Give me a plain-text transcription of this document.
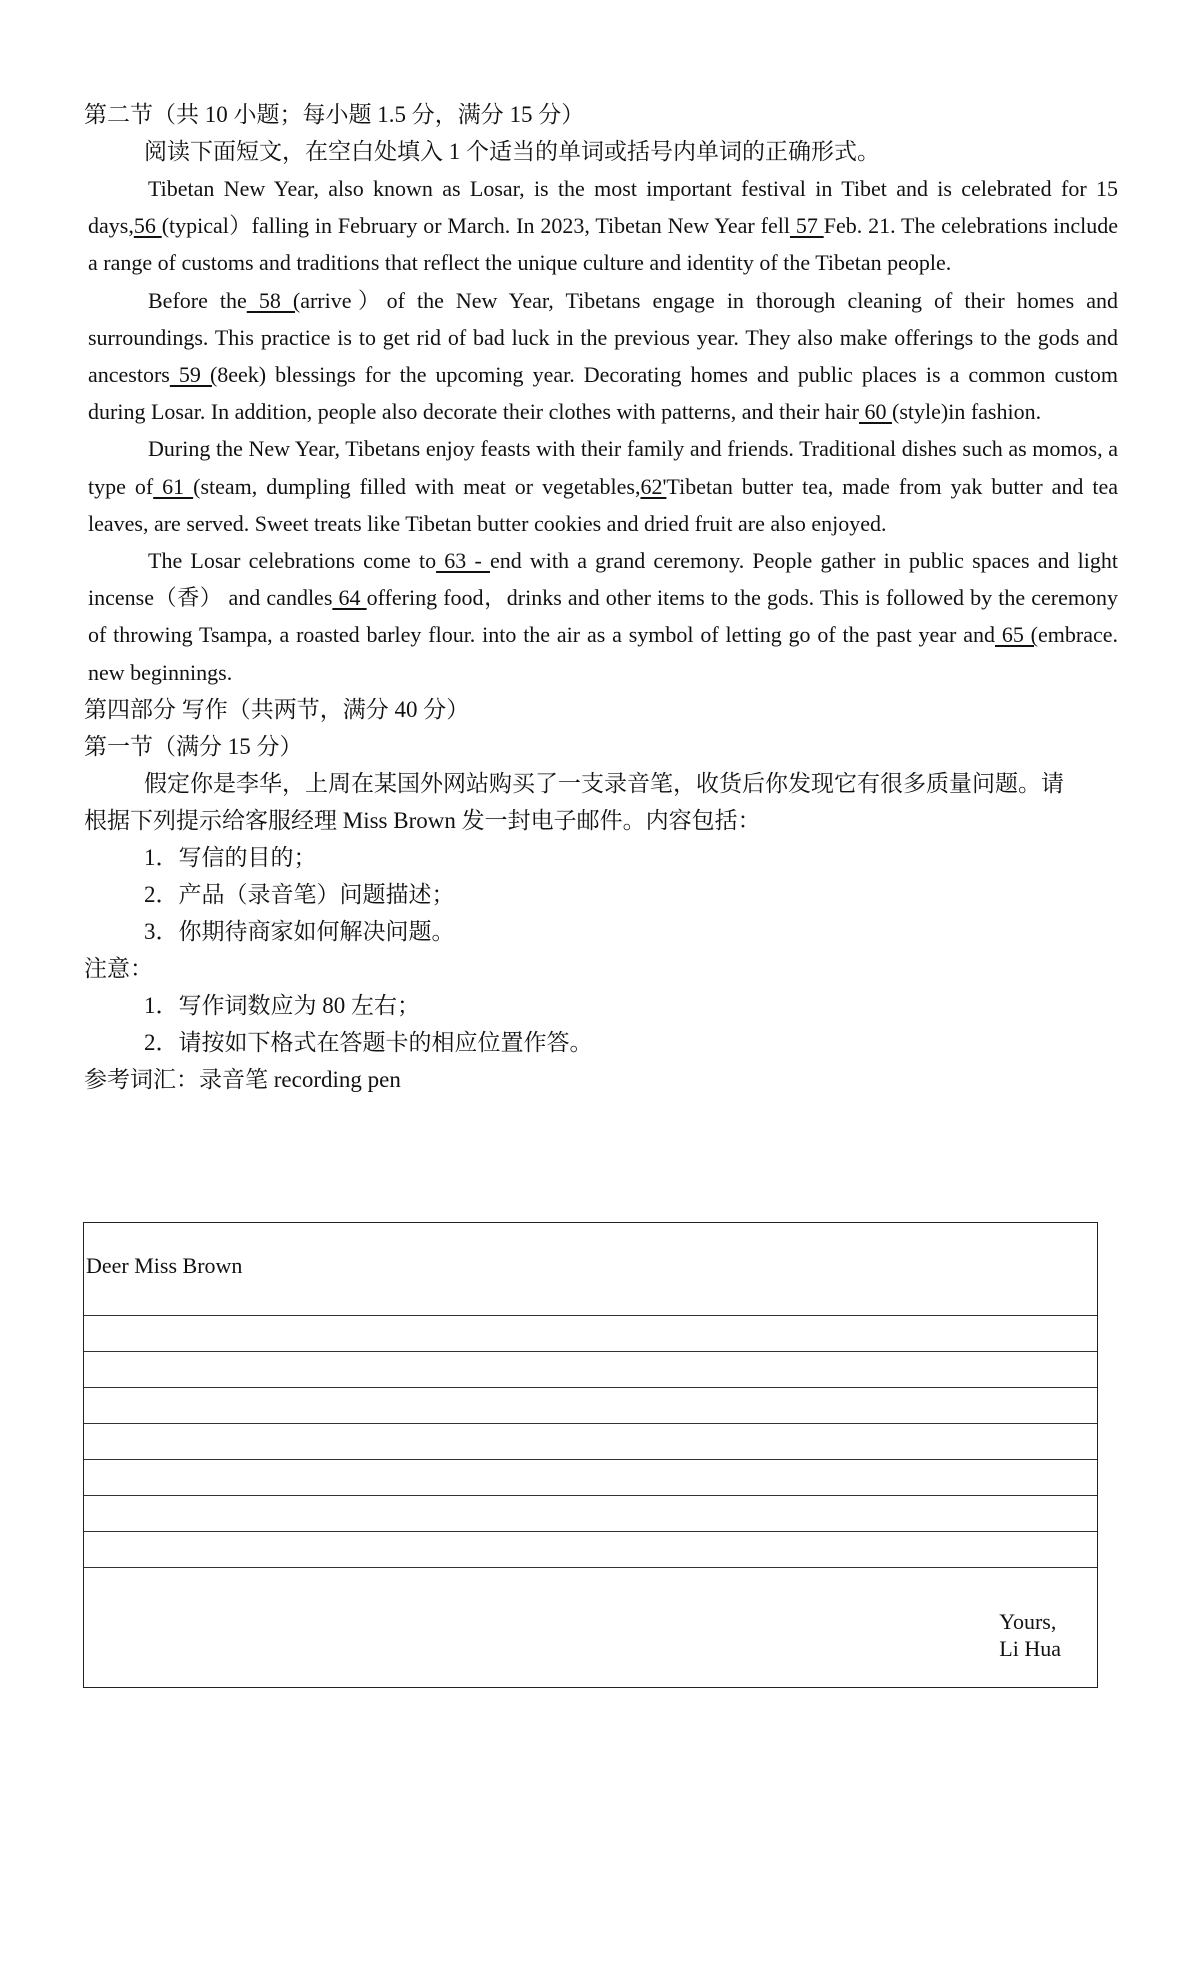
第二节（共 10 小题；每小题 1.5 分，满分 15 分）
阅读下面短文，在空白处填入 1 个适当的单词或括号内单词的正确形式。

Tibetan New Year, also known as Losar, is the most important festival in Tibet and is celebrated for 15 days,56 (typical）falling in February or March. In 2023, Tibetan New Year fell 57 Feb. 21. The celebrations include a range of customs and traditions that reflect the unique culture and identity of the Tibetan people.

Before the 58 (arrive）of the New Year, Tibetans engage in thorough cleaning of their homes and surroundings. This practice is to get rid of bad luck in the previous year. They also make offerings to the gods and ancestors 59 (8eek) blessings for the upcoming year. Decorating homes and public places is a common custom during Losar. In addition, people also decorate their clothes with patterns, and their hair 60 (style)in fashion.

During the New Year, Tibetans enjoy feasts with their family and friends. Traditional dishes such as momos, a type of 61 (steam, dumpling filled with meat or vegetables,62'Tibetan butter tea, made from yak butter and tea leaves, are served. Sweet treats like Tibetan butter cookies and dried fruit are also enjoyed.

The Losar celebrations come to 63 - end with a grand ceremony. People gather in public spaces and light incense（香） and candles 64 offering food，drinks and other items to the gods. This is followed by the ceremony of throwing Tsampa, a roasted barley flour. into the air as a symbol of letting go of the past year and 65 (embrace. new beginnings.

第四部分 写作（共两节，满分 40 分）
第一节（满分 15 分）
假定你是李华，上周在某国外网站购买了一支录音笔，收货后你发现它有很多质量问题。请
根据下列提示给客服经理 Miss Brown 发一封电子邮件。内容包括：
1．写信的目的；
2．产品（录音笔）问题描述；
3．你期待商家如何解决问题。
注意：
1．写作词数应为 80 左右；
2．请按如下格式在答题卡的相应位置作答。
参考词汇：录音笔 recording pen
Deer Miss Brown
Yours,
Li Hua
